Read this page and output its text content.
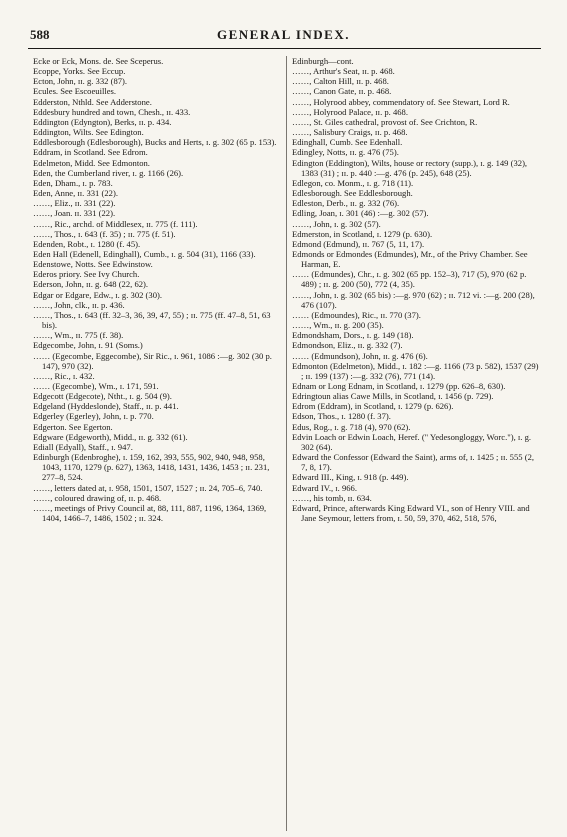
588	GENERAL INDEX.
Ecke or Eck, Mons. de. See Sceperus.
Ecoppe, Yorks. See Eccup.
Ecton, John, ɪɪ. g. 332 (87).
Ecules. See Escoeuilles.
Edderston, Nthld. See Adderstone.
Eddesbury hundred and town, Chesh., ɪɪ. 433.
Eddington (Edyngton), Berks, ɪɪ. p. 434.
Eddington, Wilts. See Edington.
Eddlesborough (Edlesborough), Bucks and Herts, ɪ. g. 302 (65 p. 153).
Eddram, in Scotland. See Edrom.
Edelmeton, Midd. See Edmonton.
Eden, the Cumberland river, ɪ. g. 1166 (26).
Eden, Dham., ɪ. p. 783.
Eden, Anne, ɪɪ. 331 (22).
……, Eliz., ɪɪ. 331 (22).
……, Joan. ɪɪ. 331 (22).
……, Ric., archd. of Middlesex, ɪɪ. 775 (f. 111).
……, Thos., ɪ. 643 (f. 35) ; ɪɪ. 775 (f. 51).
Edenden, Robt., ɪ. 1280 (f. 45).
Eden Hall (Edenell, Edinghall), Cumb., ɪ. g. 504 (31), 1166 (33).
Edenstowe, Notts. See Edwinstow.
Ederos priory. See Ivy Church.
Ederson, John, ɪɪ. g. 648 (22, 62).
Edgar or Edgare, Edw., ɪ. g. 302 (30).
……, John, clk., ɪɪ. p. 436.
……, Thos., ɪ. 643 (ff. 32–3, 36, 39, 47, 55) ; ɪɪ. 775 (ff. 47–8, 51, 63 bis).
……, Wm., ɪɪ. 775 (f. 38).
Edgecombe, John, ɪ. 91 (Soms.)
…… (Egecombe, Eggecombe), Sir Ric., ɪ. 961, 1086 :—g. 302 (30 p. 147), 970 (32).
……, Ric., ɪ. 432.
…… (Egecombe), Wm., ɪ. 171, 591.
Edgecott (Edgecote), Ntht., ɪ. g. 504 (9).
Edgeland (Hyddeslonde), Staff., ɪɪ. p. 441.
Edgerley (Egerley), John, ɪ. p. 770.
Edgerton. See Egerton.
Edgware (Edgeworth), Midd., ɪɪ. g. 332 (61).
Ediall (Edyall), Staff., ɪ. 947.
Edinburgh (Edenbroghe), ɪ. 159, 162, 393, 555, 902, 940, 948, 958, 1043, 1170, 1279 (p. 627), 1363, 1418, 1431, 1436, 1453 ; ɪɪ. 231, 277–8, 524.
……, letters dated at, ɪ. 958, 1501, 1507, 1527 ; ɪɪ. 24, 705–6, 740.
……, coloured drawing of, ɪɪ. p. 468.
……, meetings of Privy Council at, 88, 111, 887, 1196, 1364, 1369, 1404, 1466–7, 1486, 1502 ; ɪɪ. 324.
Edinburgh—cont.
……, Arthur's Seat, ɪɪ. p. 468.
……, Calton Hill, ɪɪ. p. 468.
……, Canon Gate, ɪɪ. p. 468.
……, Holyrood abbey, commendatory of. See Stewart, Lord R.
……, Holyrood Palace, ɪɪ. p. 468.
……, St. Giles cathedral, provost of. See Crichton, R.
……, Salisbury Craigs, ɪɪ. p. 468.
Edinghall, Cumb. See Edenhall.
Edingley, Notts, ɪɪ. g. 476 (75).
Edington (Eddington), Wilts, house or rectory (supp.), ɪ. g. 149 (32), 1383 (31) ; ɪɪ. p. 440 :—g. 476 (p. 245), 648 (25).
Edlegon, co. Monm., ɪ. g. 718 (11).
Edlesborough. See Eddlesborough.
Edleston, Derb., ɪɪ. g. 332 (76).
Edling, Joan, ɪ. 301 (46) :—g. 302 (57).
……, John, ɪ. g. 302 (57).
Edmerston, in Scotland, ɪ. 1279 (p. 630).
Edmond (Edmund), ɪɪ. 767 (5, 11, 17).
Edmonds or Edmondes (Edmundes), Mr., of the Privy Chamber. See Harman, E.
…… (Edmundes), Chr., ɪ. g. 302 (65 pp. 152–3), 717 (5), 970 (62 p. 489) ; ɪɪ. g. 200 (50), 772 (4, 35).
……, John, ɪ. g. 302 (65 bis) :—g. 970 (62) ; ɪɪ. 712 vi. :—g. 200 (28), 476 (107).
…… (Edmoundes), Ric., ɪɪ. 770 (37).
……, Wm., ɪɪ. g. 200 (35).
Edmondsham, Dors., ɪ. g. 149 (18).
Edmondson, Eliz., ɪɪ. g. 332 (7).
…… (Edmundson), John, ɪɪ. g. 476 (6).
Edmonton (Edelmeton), Midd., ɪ. 182 :—g. 1166 (73 p. 582), 1537 (29) ; ɪɪ. 199 (137) :—g. 332 (76), 771 (14).
Ednam or Long Ednam, in Scotland, ɪ. 1279 (pp. 626–8, 630).
Edringtoun alias Cawe Mills, in Scotland, ɪ. 1456 (p. 729).
Edrom (Eddram), in Scotland, ɪ. 1279 (p. 626).
Edson, Thos., ɪ. 1280 (f. 37).
Edus, Rog., ɪ. g. 718 (4), 970 (62).
Edvin Loach or Edwin Loach, Heref. (" Yedesongloggy, Worc."), ɪ. g. 302 (64).
Edward the Confessor (Edward the Saint), arms of, ɪ. 1425 ; ɪɪ. 555 (2, 7, 8, 17).
Edward III., King, ɪ. 918 (p. 449).
Edward IV., ɪ. 966.
……, his tomb, ɪɪ. 634.
Edward, Prince, afterwards King Edward VI., son of Henry VIII. and Jane Seymour, letters from, ɪ. 50, 59, 370, 462, 518, 576,
